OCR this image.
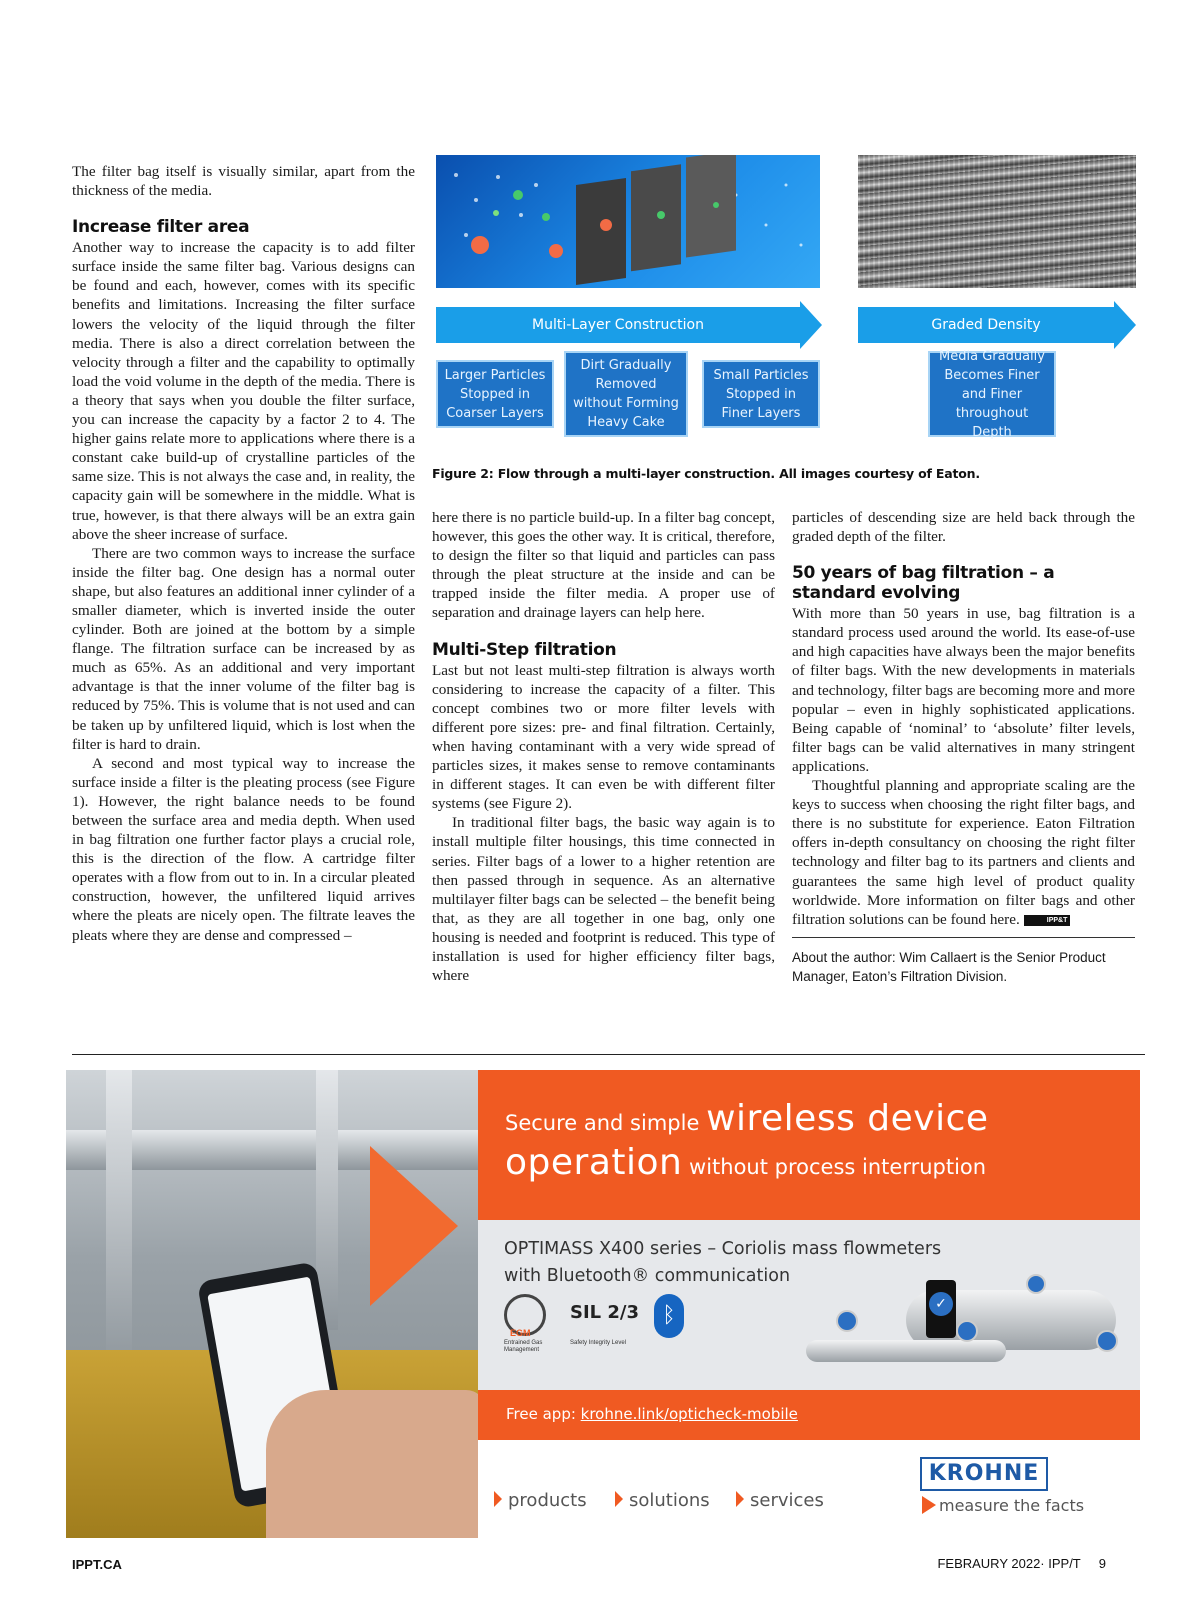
The filter bag itself is visually similar, apart from the thickness of the media.

Increase filter area

Another way to increase the capacity is to add filter surface inside the same filter bag. Various designs can be found and each, however, comes with its specific benefits and limitations. Increasing the filter surface lowers the velocity of the liquid through the filter media. There is also a direct correlation between the velocity through a filter and the capability to optimally load the void volume in the depth of the media. There is a theory that says when you double the filter surface, you can increase the capacity by a factor 2 to 4. The higher gains relate more to applications where there is a constant cake build-up of crystalline particles of the same size. This is not always the case and, in reality, the capacity gain will be somewhere in the middle. What is true, however, is that there always will be an extra gain above the sheer increase of surface.

There are two common ways to increase the surface inside the filter bag. One design has a normal outer shape, but also features an additional inner cylinder of a smaller diameter, which is inverted inside the outer cylinder. Both are joined at the bottom by a simple flange. The filtration surface can be increased by as much as 65%. As an additional and very important advantage is that the inner volume of the filter bag is reduced by 75%. This is volume that is not used and can be taken up by unfiltered liquid, which is lost when the filter is hard to drain.

A second and most typical way to increase the surface inside a filter is the pleating process (see Figure 1). However, the right balance needs to be found between the surface area and media depth. When used in bag filtration one further factor plays a crucial role, this is the direction of the flow. A cartridge filter operates with a flow from out to in. In a circular pleated construction, however, the unfiltered liquid arrives where the pleats are nicely open. The filtrate leaves the pleats where they are dense and compressed –

Multi-Layer Construction	Graded Density
Larger Particles Stopped in Coarser Layers
Dirt Gradually Removed without Forming Heavy Cake
Small Particles Stopped in Finer Layers
Media Gradually Becomes Finer and Finer throughout Depth
Figure 2: Flow through a multi-layer construction. All images courtesy of Eaton.

here there is no particle build-up. In a filter bag concept, however, this goes the other way. It is critical, therefore, to design the filter so that liquid and particles can pass through the pleat structure at the inside and can be trapped inside the filter media. A proper use of separation and drainage layers can help here.

Multi-Step filtration

Last but not least multi-step filtration is always worth considering to increase the capacity of a filter. This concept combines two or more filter levels with different pore sizes: pre- and final filtration. Certainly, when having contaminant with a very wide spread of particles sizes, it makes sense to remove contaminants in different stages. It can even be with different filter systems (see Figure 2).

In traditional filter bags, the basic way again is to install multiple filter housings, this time connected in series. Filter bags of a lower to a higher retention are then passed through in sequence. As an alternative multilayer filter bags can be selected – the benefit being that, as they are all together in one bag, only one housing is needed and footprint is reduced. This type of installation is used for higher efficiency filter bags, where

particles of descending size are held back through the graded depth of the filter.

50 years of bag filtration – a standard evolving

With more than 50 years in use, bag filtration is a standard process used around the world. Its ease-of-use and high capacities have always been the major benefits of filter bags. With the new developments in materials and technology, filter bags are becoming more and more popular – even in highly sophisticated applications. Being capable of ‘nominal’ to ‘absolute’ filter levels, filter bags can be valid alternatives in many stringent applications.

Thoughtful planning and appropriate scaling are the keys to success when choosing the right filter bags, and there is no substitute for experience. Eaton Filtration offers in-depth consultancy on choosing the right filter technology and filter bag to its partners and clients and guarantees the same high level of product quality worldwide. More information on filter bags and other filtration solutions can be found here.	IPP&T

About the author: Wim Callaert is the Senior Product Manager, Eaton’s Filtration Division.
Secure and simple wireless device
operation without process interruption
OPTIMASS X400 series – Coriolis mass flowmeters
with Bluetooth® communication
EGM
Entrained Gas Management
SIL 2/3
Safety Integrity Level
ᛒ
✓
Free app: krohne.link/opticheck-mobile
products	solutions	services
KROHNE
measure the facts
IPPT.CA	FEBRAURY 2022· IPP/T 9
